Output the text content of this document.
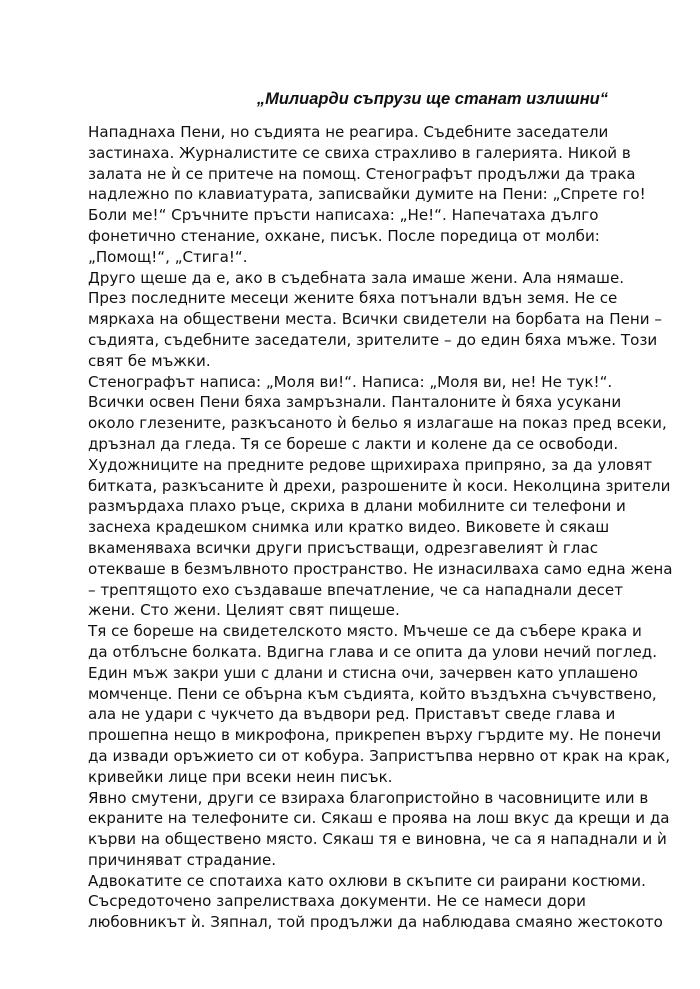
„Милиарди съпрузи ще станат излишни“
Нападнаха Пени, но съдията не реагира. Съдебните заседатели
застинаха. Журналистите се свиха страхливо в галерията. Никой в
залата не ѝ се притече на помощ. Стенографът продължи да трака
надлежно по клавиатурата, записвайки думите на Пени: „Спрете го!
Боли ме!“ Сръчните пръсти написаха: „Не!“. Напечатаха дълго
фонетично стенание, охкане, писък. После поредица от молби:
„Помощ!“, „Стига!“.
Друго щеше да е, ако в съдебната зала имаше жени. Ала нямаше.
През последните месеци жените бяха потънали вдън земя. Не се
мяркаха на обществени места. Всички свидетели на борбата на Пени –
съдията, съдебните заседатели, зрителите – до един бяха мъже. Този
свят бе мъжки.
Стенографът написа: „Моля ви!“. Написа: „Моля ви, не! Не тук!“.
Всички освен Пени бяха замръзнали. Панталоните ѝ бяха усукани
около глезените, разкъсаното ѝ бельо я излагаше на показ пред всеки,
дръзнал да гледа. Тя се бореше с лакти и колене да се освободи.
Художниците на предните редове щрихираха припряно, за да уловят
битката, разкъсаните ѝ дрехи, разрошените ѝ коси. Неколцина зрители
размърдаха плахо ръце, скриха в длани мобилните си телефони и
заснеха крадешком снимка или кратко видео. Виковете ѝ сякаш
вкаменяваха всички други присъстващи, одрезгавелият ѝ глас
отекваше в безмълвното пространство. Не изнасилваха само една жена
– трептящото ехо създаваше впечатление, че са нападнали десет
жени. Сто жени. Целият свят пищеше.
Тя се бореше на свидетелското място. Мъчеше се да събере крака и
да отблъсне болката. Вдигна глава и се опита да улови нечий поглед.
Един мъж закри уши с длани и стисна очи, зачервен като уплашено
момченце. Пени се обърна към съдията, който въздъхна съчувствено,
ала не удари с чукчето да въдвори ред. Приставът сведе глава и
прошепна нещо в микрофона, прикрепен върху гърдите му. Не понечи
да извади оръжието си от кобура. Запристъпва нервно от крак на крак,
кривейки лице при всеки неин писък.
Явно смутени, други се взираха благопристойно в часовниците или в
екраните на телефоните си. Сякаш е проява на лош вкус да крещи и да
кърви на обществено място. Сякаш тя е виновна, че са я нападнали и ѝ
причиняват страдание.
Адвокатите се спотаиха като охлюви в скъпите си раирани костюми.
Съсредоточено запрелистваха документи. Не се намеси дори
любовникът ѝ. Зяпнал, той продължи да наблюдава смаяно жестокото
